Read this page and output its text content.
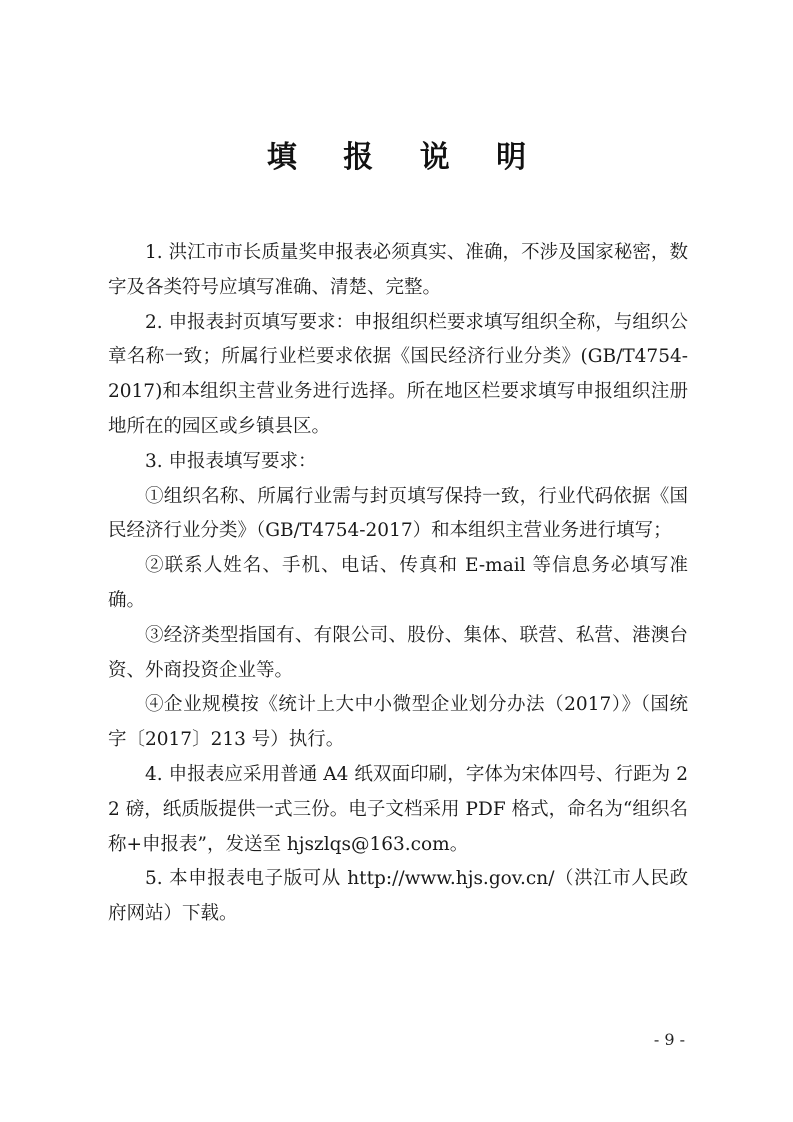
填 报 说 明

1. 洪江市市长质量奖申报表必须真实、准确，不涉及国家秘密，数字及各类符号应填写准确、清楚、完整。

2. 申报表封页填写要求：申报组织栏要求填写组织全称，与组织公章名称一致；所属行业栏要求依据《国民经济行业分类》(GB/T4754-2017)和本组织主营业务进行选择。所在地区栏要求填写申报组织注册地所在的园区或乡镇县区。

3. 申报表填写要求：

①组织名称、所属行业需与封页填写保持一致，行业代码依据《国民经济行业分类》（GB/T4754-2017）和本组织主营业务进行填写；

②联系人姓名、手机、电话、传真和 E-mail 等信息务必填写准确。

③经济类型指国有、有限公司、股份、集体、联营、私营、港澳台资、外商投资企业等。

④企业规模按《统计上大中小微型企业划分办法（2017）》（国统字〔2017〕213 号）执行。

4. 申报表应采用普通 A4 纸双面印刷，字体为宋体四号、行距为 22 磅，纸质版提供一式三份。电子文档采用 PDF 格式，命名为“组织名称+申报表”，发送至 hjszlqs@163.com。

5. 本申报表电子版可从 http://www.hjs.gov.cn/（洪江市人民政府网站）下载。

- 9 -
